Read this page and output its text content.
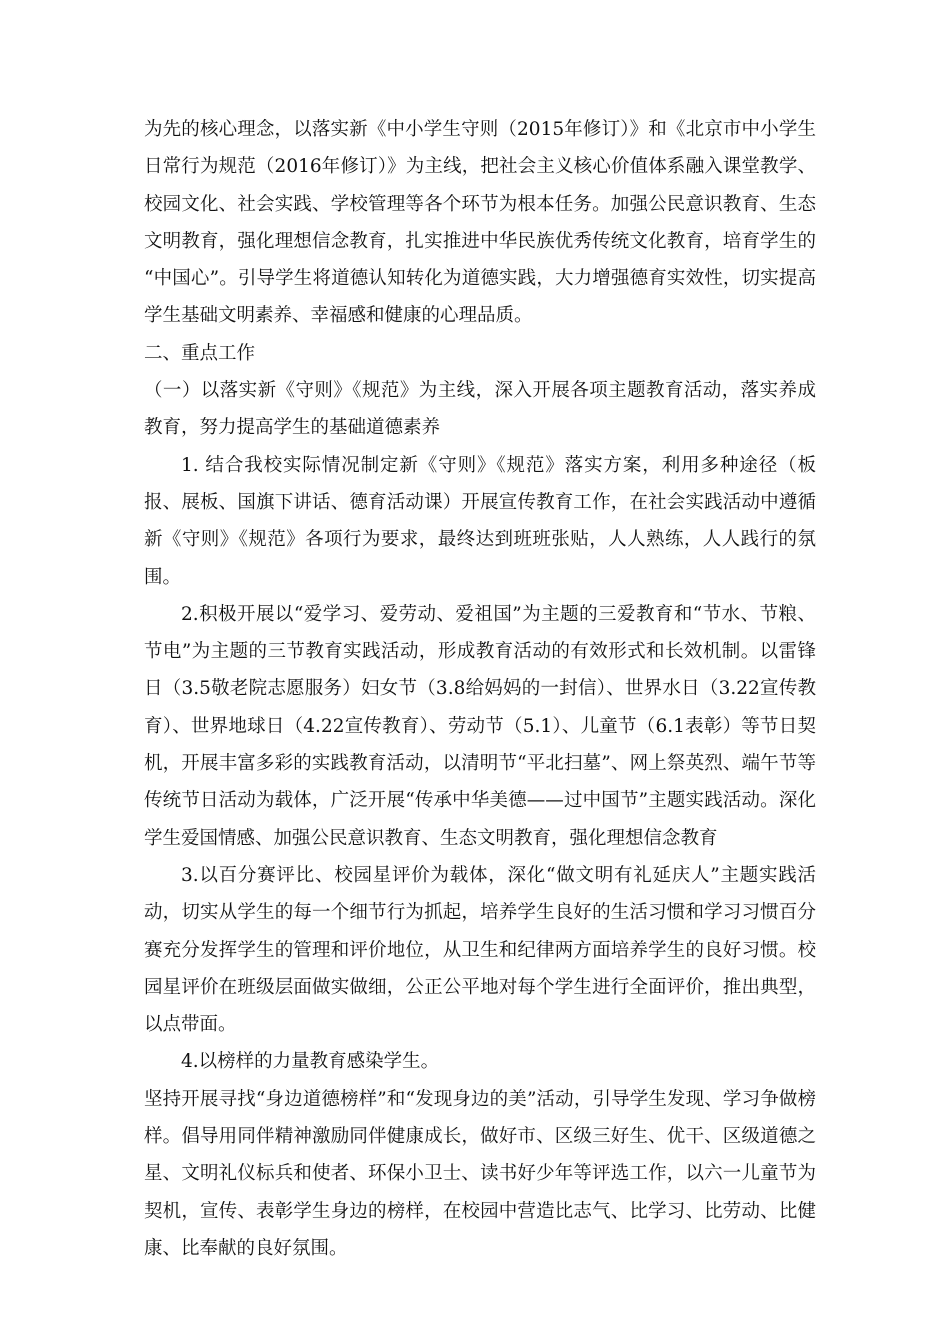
为先的核心理念，以落实新《中小学生守则（2015年修订）》和《北京市中小学生日常行为规范（2016年修订）》为主线，把社会主义核心价值体系融入课堂教学、校园文化、社会实践、学校管理等各个环节为根本任务。加强公民意识教育、生态文明教育，强化理想信念教育，扎实推进中华民族优秀传统文化教育，培育学生的 “中国心”。引导学生将道德认知转化为道德实践，大力增强德育实效性，切实提高学生基础文明素养、幸福感和健康的心理品质。

二、重点工作

（一）以落实新《守则》《规范》为主线，深入开展各项主题教育活动，落实养成教育，努力提高学生的基础道德素养

1. 结合我校实际情况制定新《守则》《规范》落实方案，利用多种途径（板报、展板、国旗下讲话、德育活动课）开展宣传教育工作，在社会实践活动中遵循新《守则》《规范》各项行为要求，最终达到班班张贴，人人熟练，人人践行的氛围。

2.积极开展以“爱学习、爱劳动、爱祖国”为主题的三爱教育和“节水、节粮、节电”为主题的三节教育实践活动，形成教育活动的有效形式和长效机制。以雷锋日（3.5敬老院志愿服务）妇女节（3.8给妈妈的一封信）、世界水日（3.22宣传教育）、世界地球日（4.22宣传教育）、劳动节（5.1）、儿童节（6.1表彰）等节日契机，开展丰富多彩的实践教育活动，以清明节“平北扫墓”、网上祭英烈、端午节等传统节日活动为载体，广泛开展“传承中华美德——过中国节”主题实践活动。深化学生爱国情感、加强公民意识教育、生态文明教育，强化理想信念教育

3.以百分赛评比、校园星评价为载体，深化“做文明有礼延庆人”主题实践活动，切实从学生的每一个细节行为抓起，培养学生良好的生活习惯和学习习惯百分赛充分发挥学生的管理和评价地位，从卫生和纪律两方面培养学生的良好习惯。校园星评价在班级层面做实做细，公正公平地对每个学生进行全面评价，推出典型，以点带面。

4.以榜样的力量教育感染学生。

坚持开展寻找“身边道德榜样”和“发现身边的美”活动，引导学生发现、学习争做榜样。倡导用同伴精神激励同伴健康成长，做好市、区级三好生、优干、区级道德之星、文明礼仪标兵和使者、环保小卫士、读书好少年等评选工作，以六一儿童节为契机，宣传、表彰学生身边的榜样，在校园中营造比志气、比学习、比劳动、比健康、比奉献的良好氛围。
